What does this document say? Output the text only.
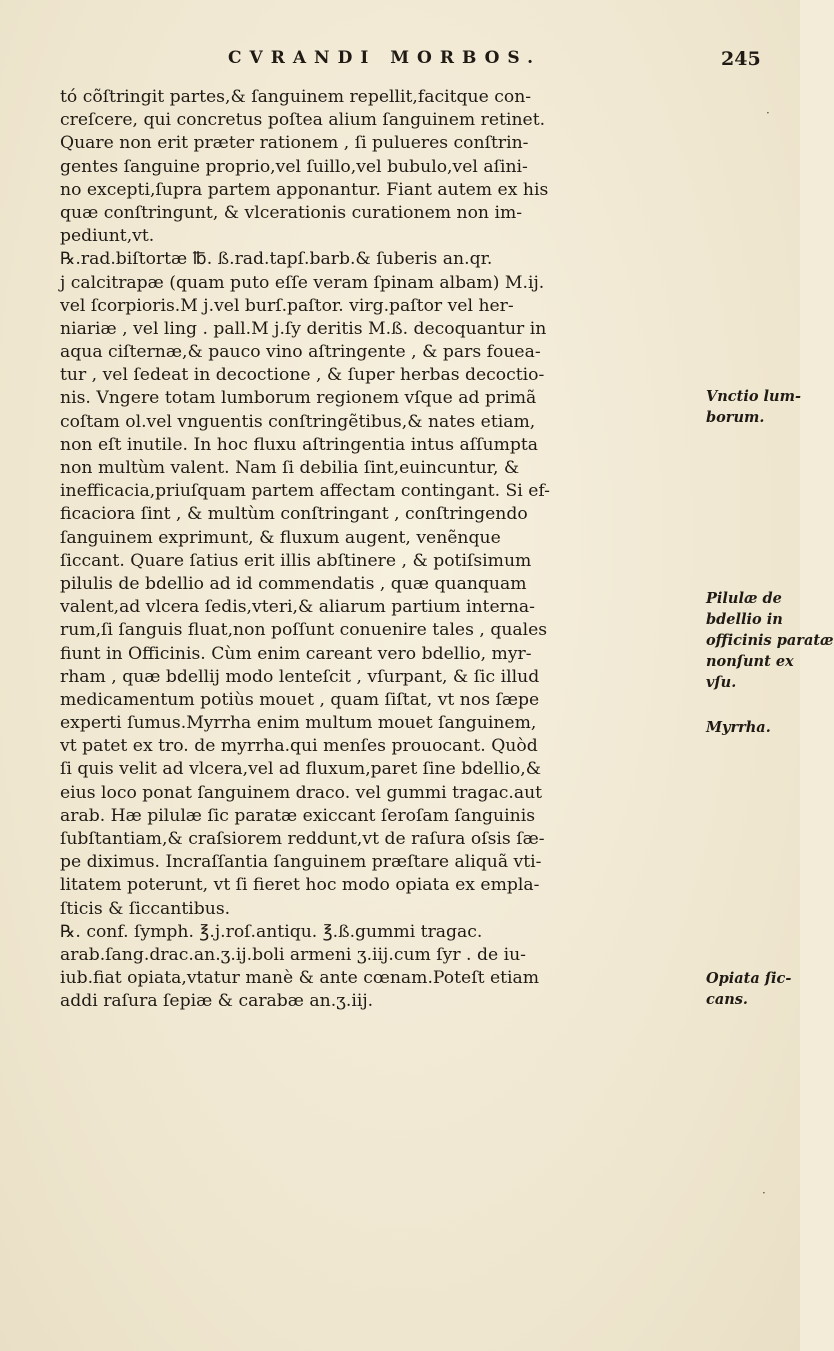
CVRANDI MORBOS.	245
tó cõſtringit partes,& ſanguinem repellit,facitque con-
creſcere, qui concretus poſtea alium ſanguinem retinet.
Quare non erit præter rationem , ſi pulueres conſtrin-
gentes ſanguine proprio,vel ſuillo,vel bubulo,vel aſini-
no excepti,ſupra partem apponantur. Fiant autem ex his
quæ conſtringunt, & vlcerationis curationem non im-
pediunt,vt.
℞.rad.biſtortæ ℔. ß.rad.tapſ.barb.& ſuberis an.qr.
j calcitrapæ (quam puto eſſe veram ſpinam albam) M.ij.
vel ſcorpioris.M j.vel burſ.paſtor. virg.paſtor vel her-
niariæ , vel ling . pall.M j.ſy deritis M.ß. decoquantur in
aqua ciſternæ,& pauco vino aſtringente , & pars fouea-
tur , vel ſedeat in decoctione , & ſuper herbas decoctio-
nis. Vngere totam lumborum regionem vſque ad primã
coſtam ol.vel vnguentis conſtringẽtibus,& nates etiam,
non eſt inutile. In hoc fluxu aſtringentia intus aſſumpta
non multùm valent. Nam ſi debilia ſint,euincuntur, &
inefficacia,priuſquam partem affectam contingant. Si ef-
ficaciora ſint , & multùm conſtringant , conſtringendo
ſanguinem exprimunt, & fluxum augent, venẽnque
ſiccant. Quare ſatius erit illis abſtinere , & potiſsimum
pilulis de bdellio ad id commendatis , quæ quanquam
valent,ad vlcera ſedis,vteri,& aliarum partium interna-
rum,ſi ſanguis fluat,non poſſunt conuenire tales , quales
fiunt in Officinis. Cùm enim careant vero bdellio, myr-
rham , quæ bdellij modo lenteſcit , vſurpant, & ſic illud
medicamentum potiùs mouet , quam ſiſtat, vt nos ſæpe
experti ſumus.Myrrha enim multum mouet ſanguinem,
vt patet ex tro. de myrrha.qui menſes prouocant. Quòd
ſi quis velit ad vlcera,vel ad fluxum,paret ſine bdellio,&
eius loco ponat ſanguinem draco. vel gummi tragac.aut
arab. Hæ pilulæ ſic paratæ exiccant ſeroſam ſanguinis
ſubſtantiam,& craſsiorem reddunt,vt de raſura oſsis ſæ-
pe diximus. Incraſſantia ſanguinem præſtare aliquã vti-
litatem poterunt, vt ſi fieret hoc modo opiata ex empla-
ſticis & ſiccantibus.
℞. conf. ſymph. ℥.j.roſ.antiqu. ℥.ß.gummi tragac.
arab.ſang.drac.an.ʒ.ij.boli armeni ʒ.iij.cum ſyr . de iu-
iub.fiat opiata,vtatur manè & ante cœnam.Poteſt etiam
addi raſura ſepiæ & carabæ an.ʒ.iij.
Vnctio lum-
borum.
Pilulæ de
bdellio in
officinis paratæ
nonſunt ex
vſu.
Myrrha.
Opiata ſic-
cans.
·
·
